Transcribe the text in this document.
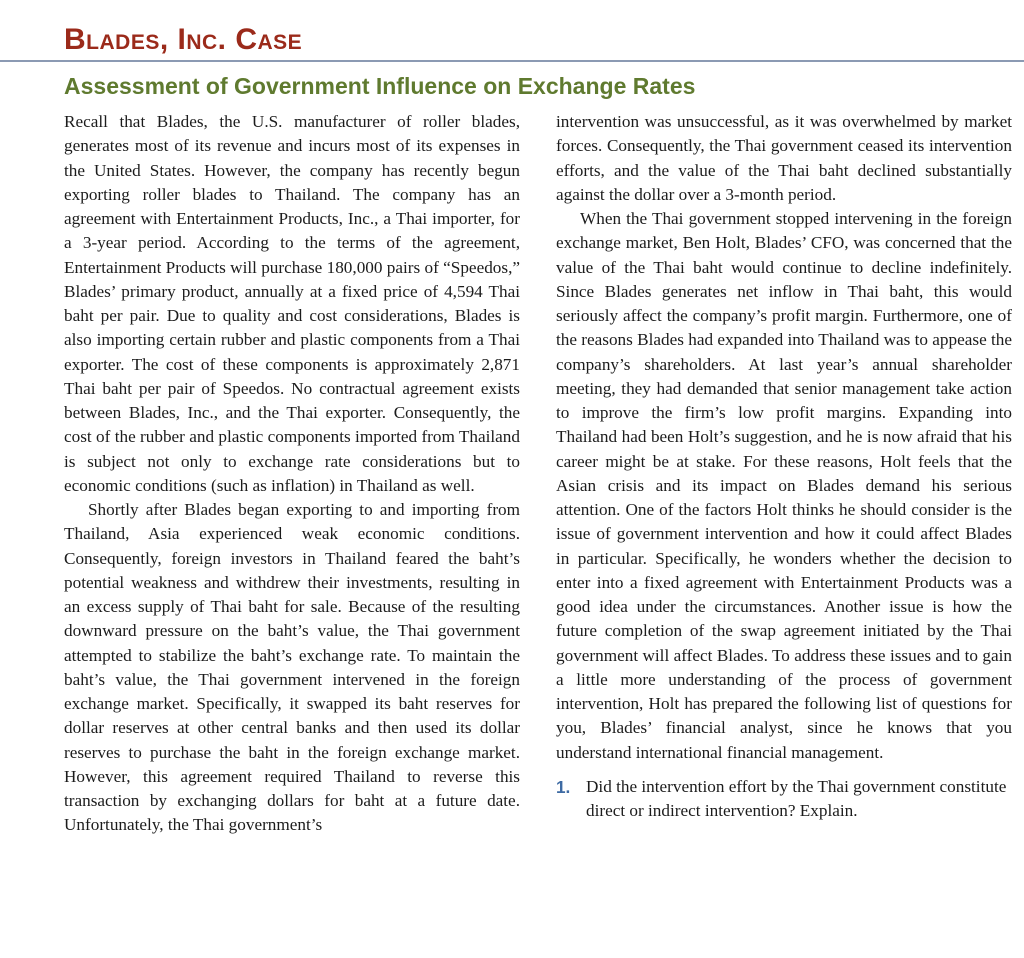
Blades, Inc. Case
Assessment of Government Influence on Exchange Rates

Recall that Blades, the U.S. manufacturer of roller blades, generates most of its revenue and incurs most of its expenses in the United States. However, the company has recently begun exporting roller blades to Thailand. The company has an agreement with Entertainment Products, Inc., a Thai importer, for a 3-year period. According to the terms of the agreement, Entertainment Products will purchase 180,000 pairs of “Speedos,” Blades’ primary product, annually at a fixed price of 4,594 Thai baht per pair. Due to quality and cost considerations, Blades is also importing certain rubber and plastic components from a Thai exporter. The cost of these components is approximately 2,871 Thai baht per pair of Speedos. No contractual agreement exists between Blades, Inc., and the Thai exporter. Consequently, the cost of the rubber and plastic components imported from Thailand is subject not only to exchange rate considerations but to economic conditions (such as inflation) in Thailand as well.

Shortly after Blades began exporting to and importing from Thailand, Asia experienced weak economic conditions. Consequently, foreign investors in Thailand feared the baht’s potential weakness and withdrew their investments, resulting in an excess supply of Thai baht for sale. Because of the resulting downward pressure on the baht’s value, the Thai government attempted to stabilize the baht’s exchange rate. To maintain the baht’s value, the Thai government intervened in the foreign exchange market. Specifically, it swapped its baht reserves for dollar reserves at other central banks and then used its dollar reserves to purchase the baht in the foreign exchange market. However, this agreement required Thailand to reverse this transaction by exchanging dollars for baht at a future date. Unfortunately, the Thai government’s

intervention was unsuccessful, as it was overwhelmed by market forces. Consequently, the Thai government ceased its intervention efforts, and the value of the Thai baht declined substantially against the dollar over a 3-month period.

When the Thai government stopped intervening in the foreign exchange market, Ben Holt, Blades’ CFO, was concerned that the value of the Thai baht would continue to decline indefinitely. Since Blades generates net inflow in Thai baht, this would seriously affect the company’s profit margin. Furthermore, one of the reasons Blades had expanded into Thailand was to appease the company’s shareholders. At last year’s annual shareholder meeting, they had demanded that senior management take action to improve the firm’s low profit margins. Expanding into Thailand had been Holt’s suggestion, and he is now afraid that his career might be at stake. For these reasons, Holt feels that the Asian crisis and its impact on Blades demand his serious attention. One of the factors Holt thinks he should consider is the issue of government intervention and how it could affect Blades in particular. Specifically, he wonders whether the decision to enter into a fixed agreement with Entertainment Products was a good idea under the circumstances. Another issue is how the future completion of the swap agreement initiated by the Thai government will affect Blades. To address these issues and to gain a little more understanding of the process of government intervention, Holt has prepared the following list of questions for you, Blades’ financial analyst, since he knows that you understand international financial management.

1. Did the intervention effort by the Thai government constitute direct or indirect intervention? Explain.
